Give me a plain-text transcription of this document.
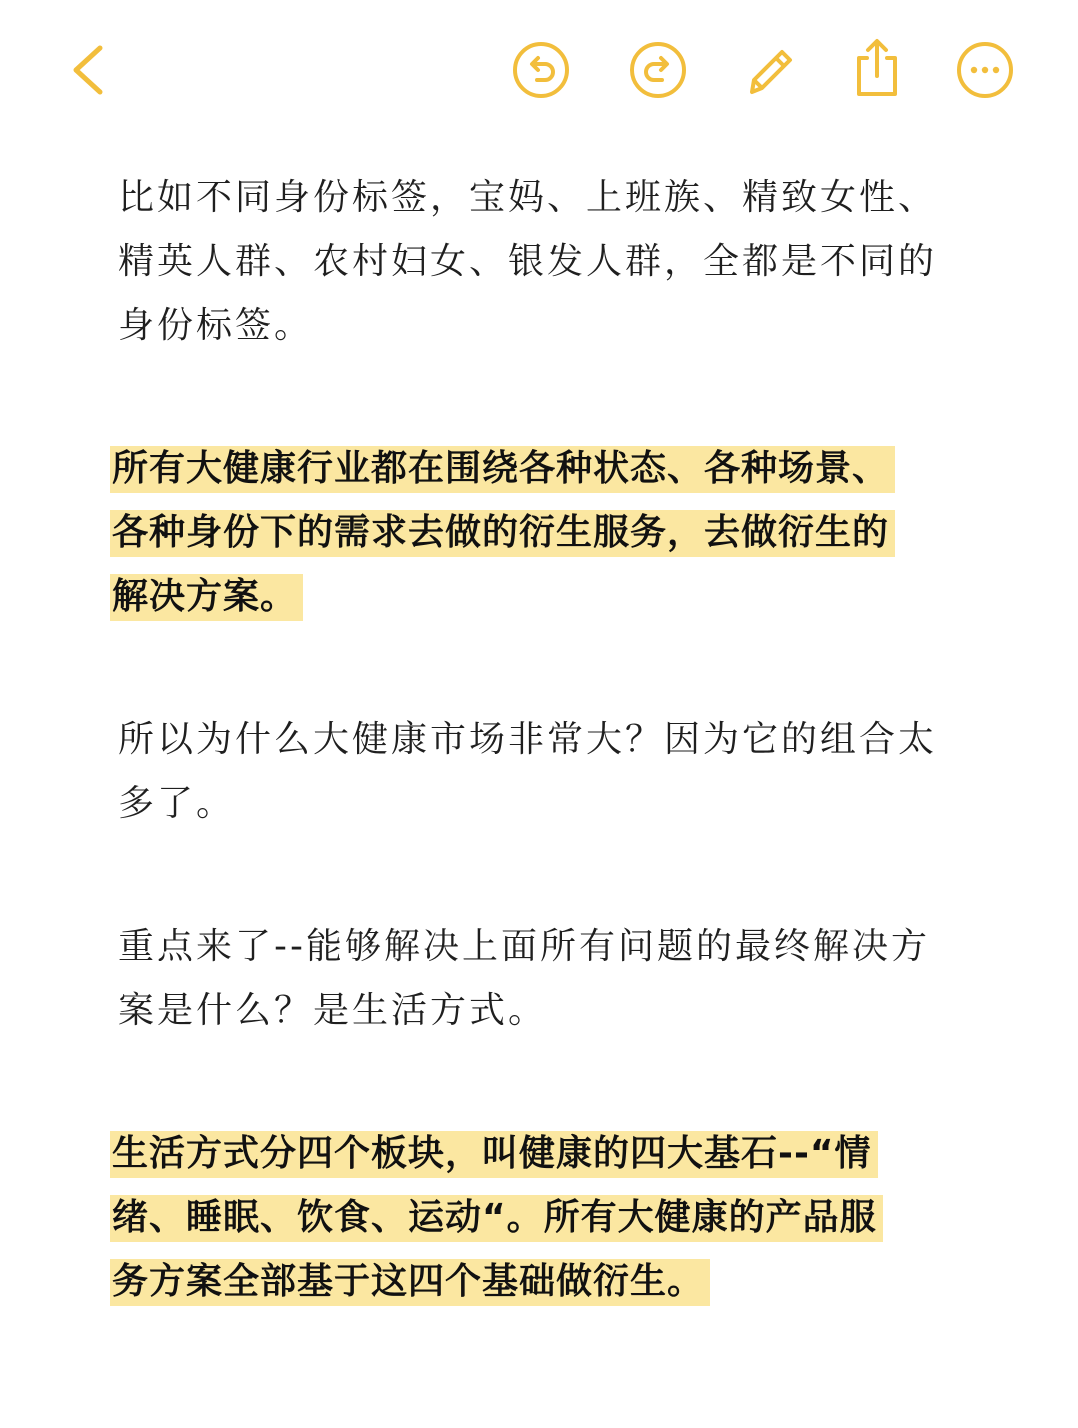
比如不同身份标签，宝妈、上班族、精致女性、
精英人群、农村妇女、银发人群，全都是不同的
身份标签。

所有大健康行业都在围绕各种状态、各种场景、
各种身份下的需求去做的衍生服务，去做衍生的
解决方案。

所以为什么大健康市场非常大？因为它的组合太
多了。

重点来了--能够解决上面所有问题的最终解决方
案是什么？是生活方式。

生活方式分四个板块，叫健康的四大基石--“情
绪、睡眠、饮食、运动“。所有大健康的产品服
务方案全部基于这四个基础做衍生。
